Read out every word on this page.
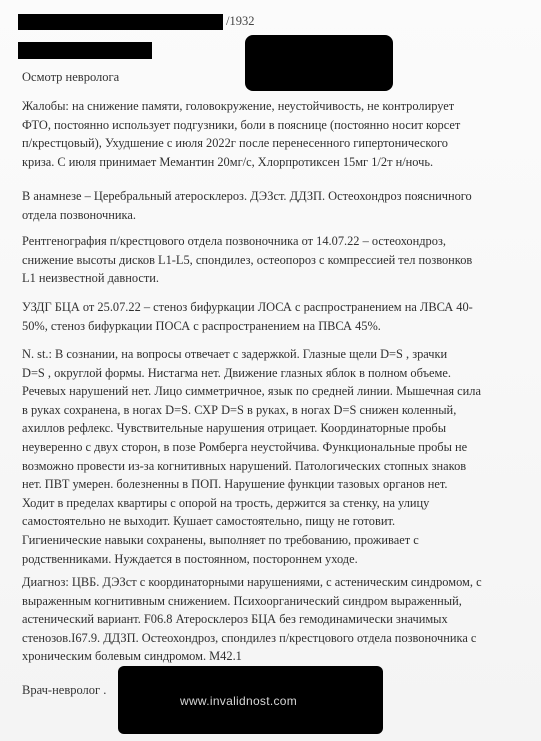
/1932
Осмотр невролога

Жалобы: на снижение памяти, головокружение, неустойчивость, не контролирует
ФТО, постоянно использует подгузники, боли в пояснице (постоянно носит корсет
п/крестцовый), Ухудшение с июля 2022г после перенесенного гипертонического
криза. С июля принимает Мемантин 20мг/с, Хлорпротиксен 15мг 1/2т н/ночь.

В анамнезе – Церебральный атеросклероз. ДЭЗст. ДДЗП. Остеохондроз поясничного
отдела позвоночника.

Рентгенография п/крестцового отдела позвоночника от 14.07.22 – остеохондроз,
снижение высоты дисков L1-L5, спондилез, остеопороз с компрессией тел позвонков
L1 неизвестной давности.

УЗДГ БЦА от 25.07.22 – стеноз бифуркации ЛОСА с распространением на ЛВСА 40-
50%, стеноз бифуркации ПОСА с распространением на ПВСА 45%.

N. st.: В сознании, на вопросы отвечает с задержкой. Глазные щели D=S , зрачки
D=S , округлой формы. Нистагма нет. Движение глазных яблок в полном объеме.
Речевых нарушений нет. Лицо симметричное, язык по средней линии. Мышечная сила
в руках сохранена, в ногах D=S. СХР D=S в руках, в ногах D=S снижен коленный,
ахиллов рефлекс. Чувствительные нарушения отрицает. Координаторные пробы
неуверенно с двух сторон, в позе Ромберга неустойчива. Функциональные пробы не
возможно провести из-за когнитивных нарушений. Патологических стопных знаков
нет. ПВТ умерен. болезненны в ПОП. Нарушение функции тазовых органов нет.
Ходит в пределах квартиры с опорой на трость, держится за стенку, на улицу
самостоятельно не выходит. Кушает самостоятельно, пищу не готовит.
Гигиенические навыки сохранены, выполняет по требованию, проживает с
родственниками. Нуждается в постоянном, постороннем уходе.

Диагноз: ЦВБ. ДЭЗст с координаторными нарушениями, с астеническим синдромом, с
выраженным когнитивным снижением. Психоорганический синдром выраженный,
астенический вариант. F06.8 Атеросклероз БЦА без гемодинамически значимых
стенозов.I67.9. ДДЗП. Остеохондроз, спондилез п/крестцового отдела позвоночника с
хроническим болевым синдромом. М42.1

Врач-невролог .
www.invalidnost.com
